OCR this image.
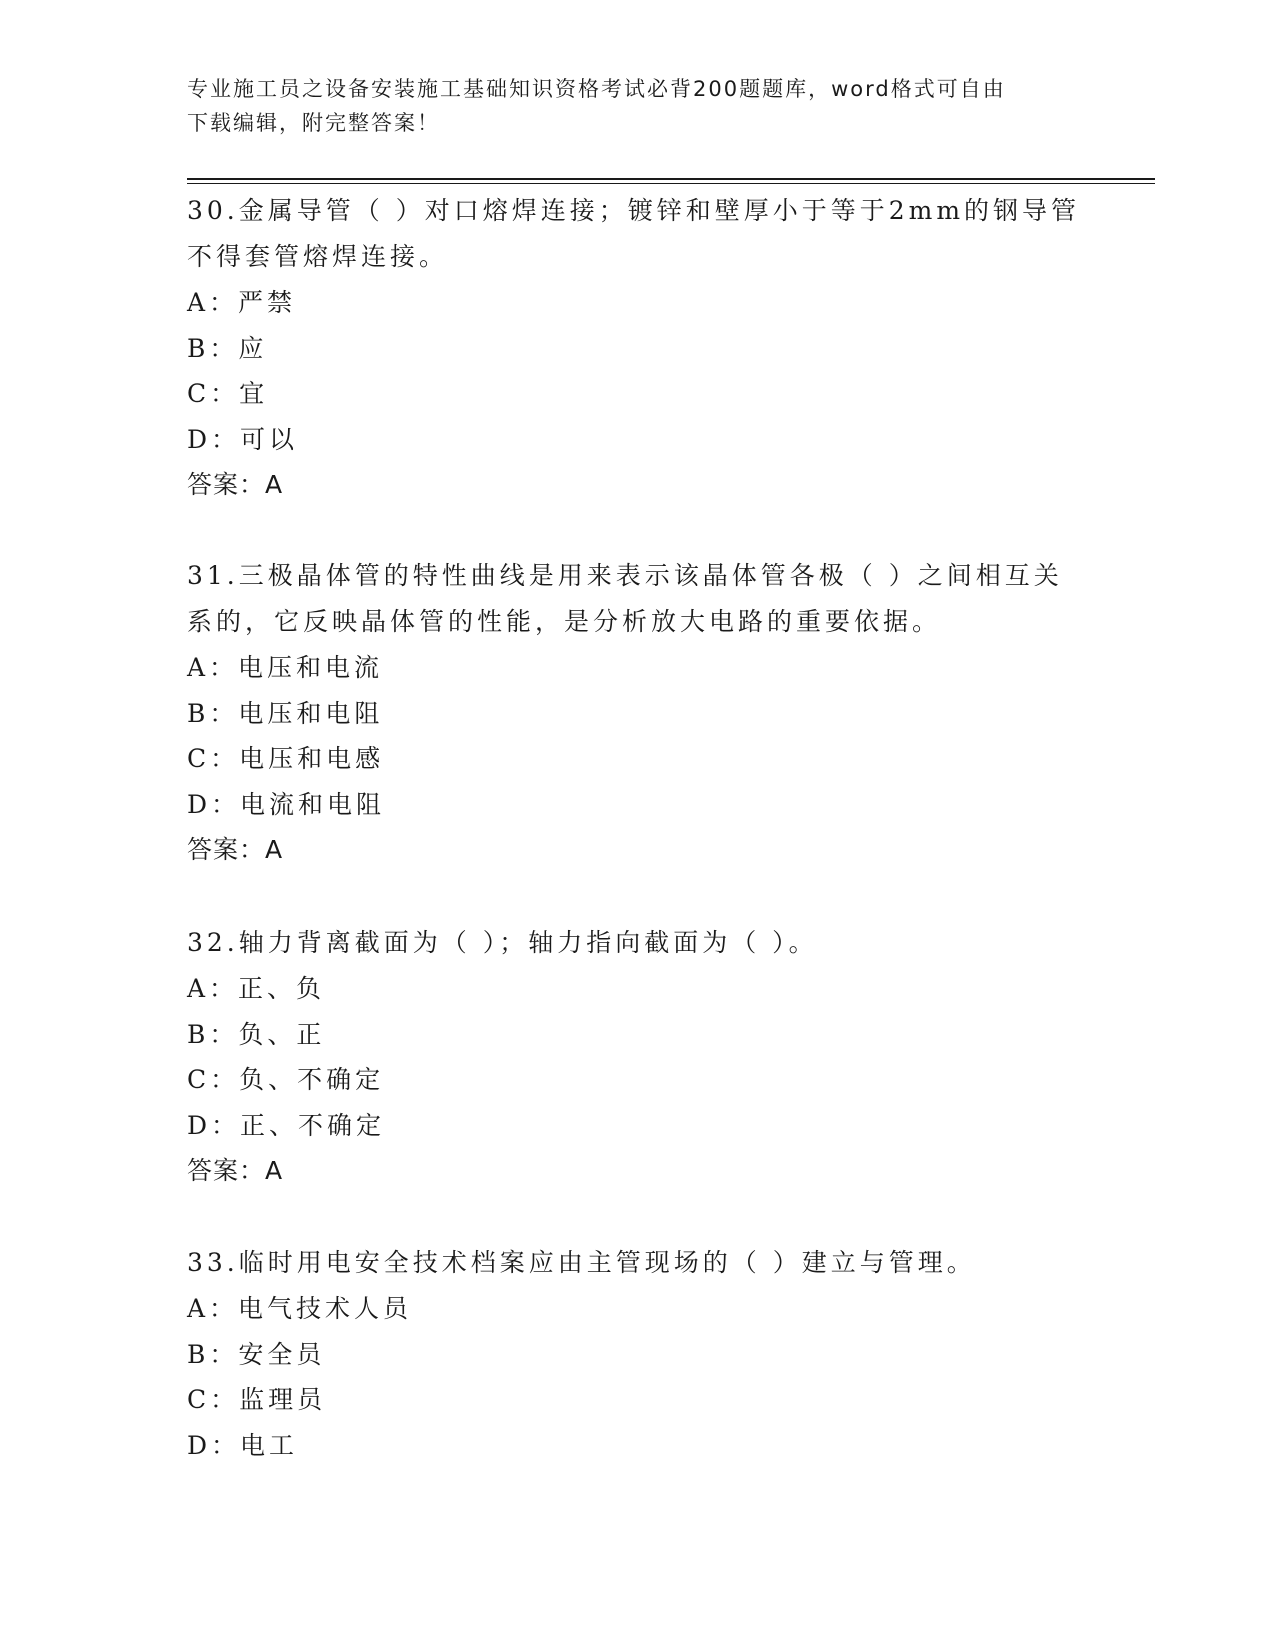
专业施工员之设备安装施工基础知识资格考试必背200题题库，word格式可自由
下载编辑，附完整答案！
30.金属导管（ ）对口熔焊连接；镀锌和壁厚小于等于2mm的钢导管
不得套管熔焊连接。
A：严禁
B：应
C：宜
D：可以
答案：A
31.三极晶体管的特性曲线是用来表示该晶体管各极（ ）之间相互关
系的，它反映晶体管的性能，是分析放大电路的重要依据。
A：电压和电流
B：电压和电阻
C：电压和电感
D：电流和电阻
答案：A
32.轴力背离截面为（ ）；轴力指向截面为（ ）。
A：正、负
B：负、正
C：负、不确定
D：正、不确定
答案：A
33.临时用电安全技术档案应由主管现场的（ ）建立与管理。
A：电气技术人员
B：安全员
C：监理员
D：电工
